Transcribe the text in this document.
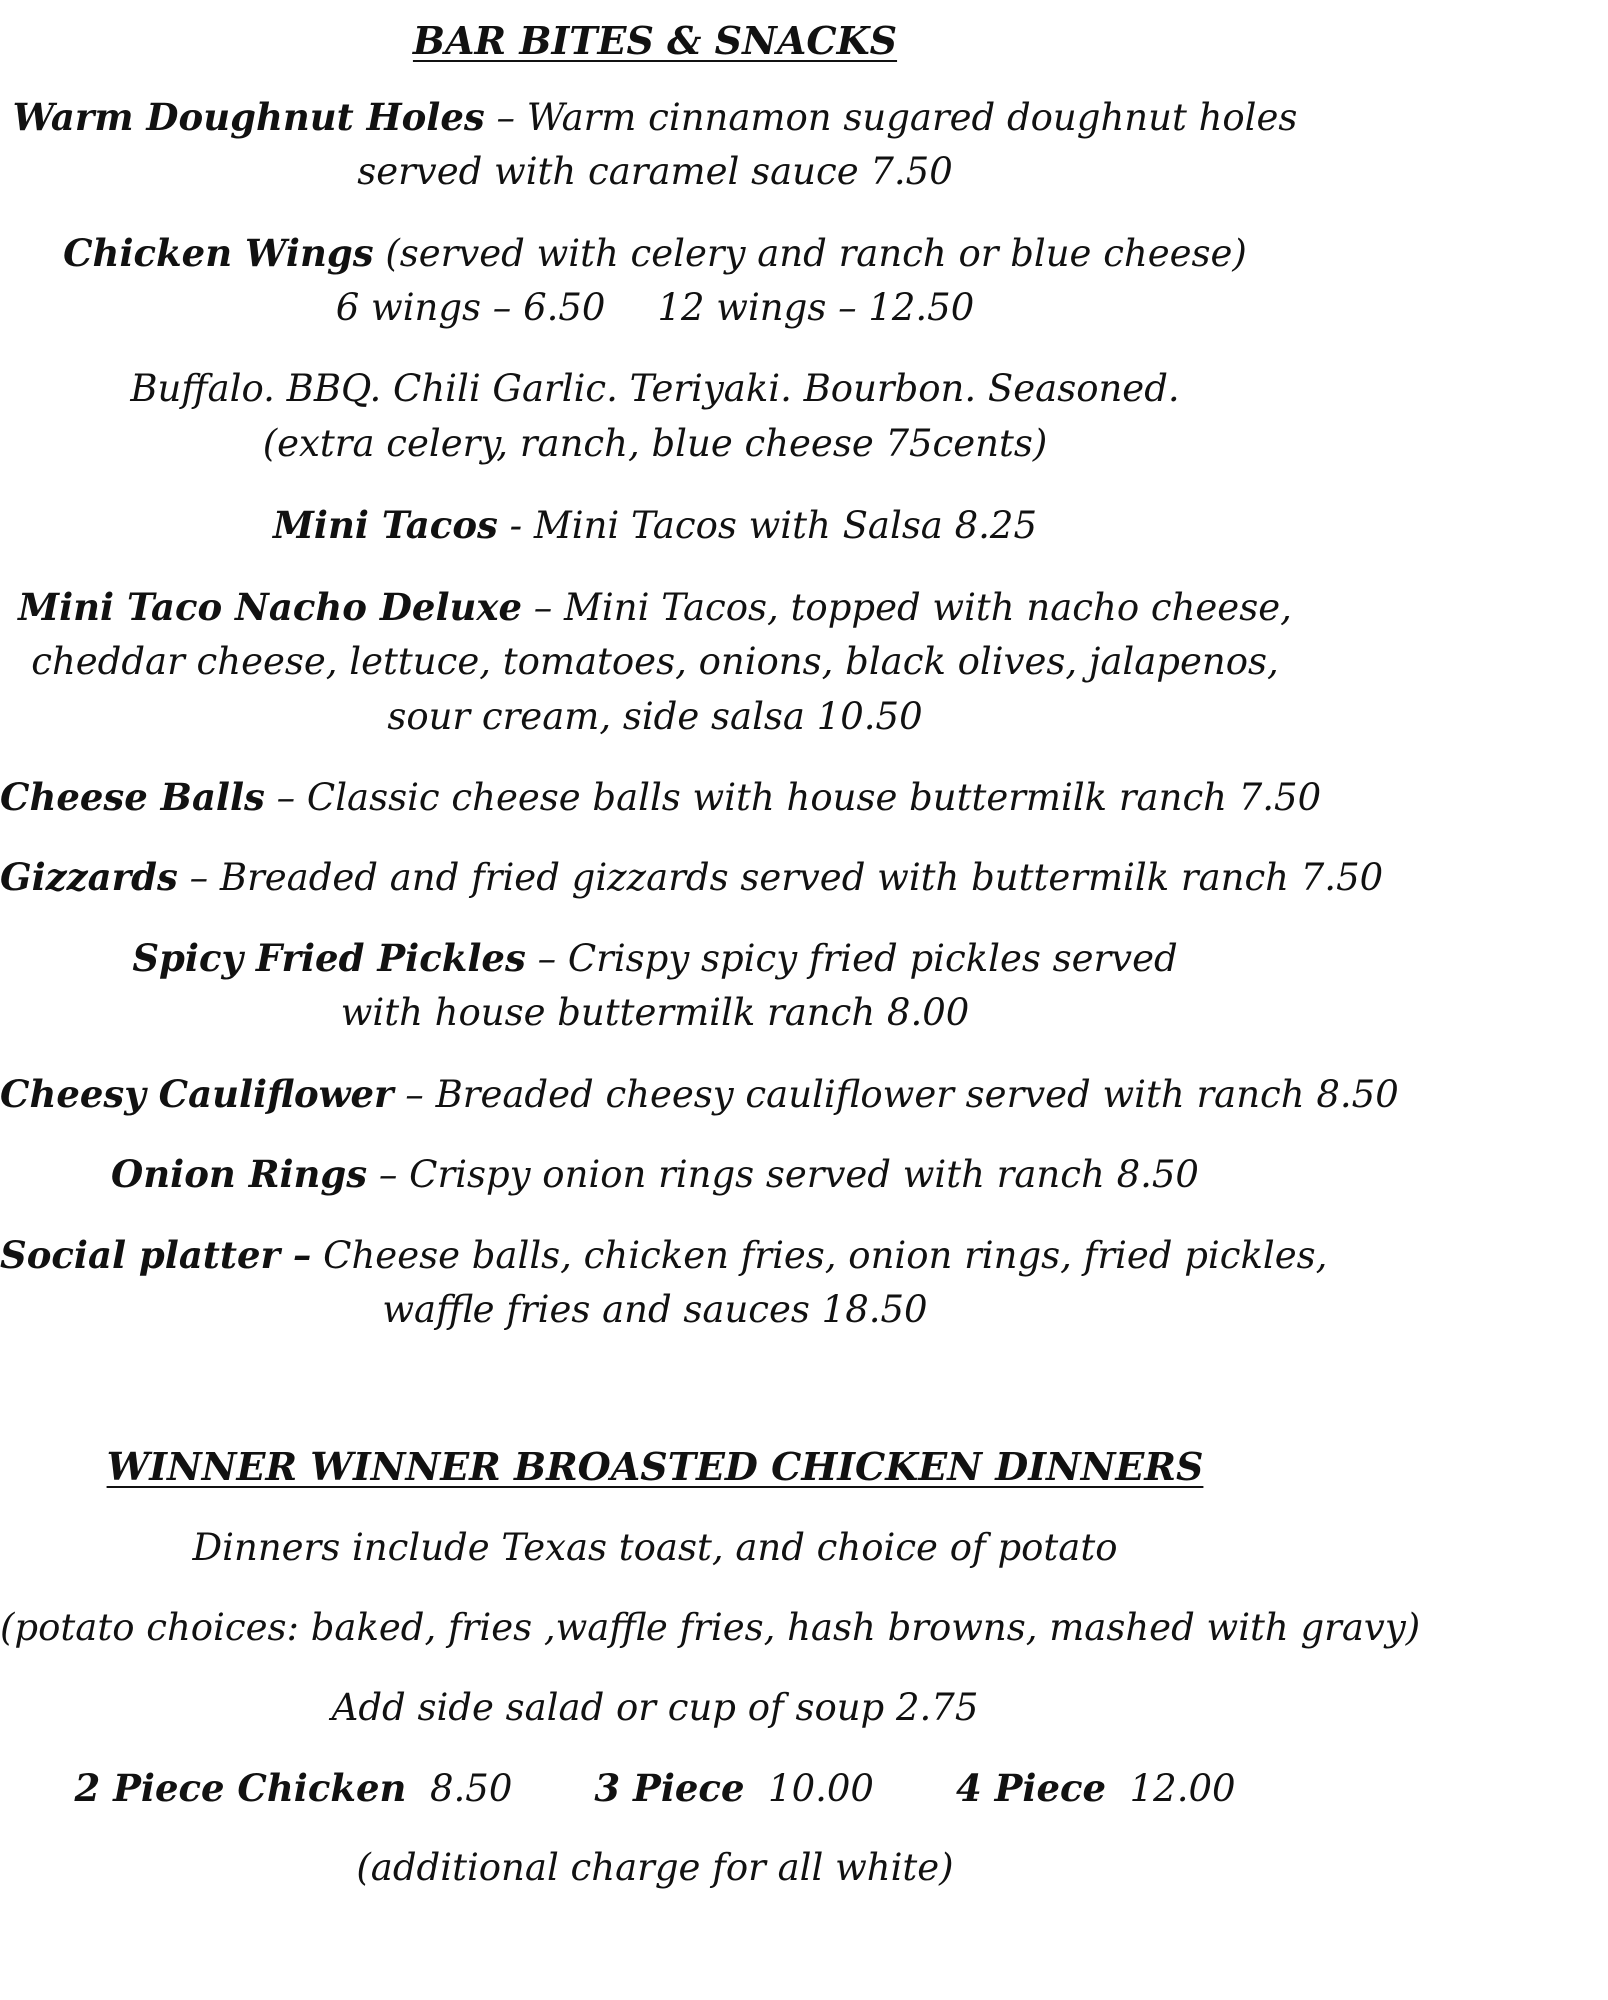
BAR BITES & SNACKS
Warm Doughnut Holes – Warm cinnamon sugared doughnut holes
served with caramel sauce 7.50
Chicken Wings (served with celery and ranch or blue cheese)
6 wings – 6.50 12 wings – 12.50
Buffalo. BBQ. Chili Garlic. Teriyaki. Bourbon. Seasoned.
(extra celery, ranch, blue cheese 75cents)
Mini Tacos - Mini Tacos with Salsa 8.25
Mini Taco Nacho Deluxe – Mini Tacos, topped with nacho cheese,
cheddar cheese, lettuce, tomatoes, onions, black olives, jalapenos,
sour cream, side salsa 10.50
Cheese Balls – Classic cheese balls with house buttermilk ranch 7.50
Gizzards – Breaded and fried gizzards served with buttermilk ranch 7.50
Spicy Fried Pickles – Crispy spicy fried pickles served
with house buttermilk ranch 8.00
Cheesy Cauliflower – Breaded cheesy cauliflower served with ranch 8.50
Onion Rings – Crispy onion rings served with ranch 8.50
Social platter – Cheese balls, chicken fries, onion rings, fried pickles,
waffle fries and sauces 18.50
WINNER WINNER BROASTED CHICKEN DINNERS
Dinners include Texas toast, and choice of potato
(potato choices: baked, fries ,waffle fries, hash browns, mashed with gravy)
Add side salad or cup of soup 2.75
2 Piece Chicken 8.50 3 Piece 10.00 4 Piece 12.00
(additional charge for all white)
